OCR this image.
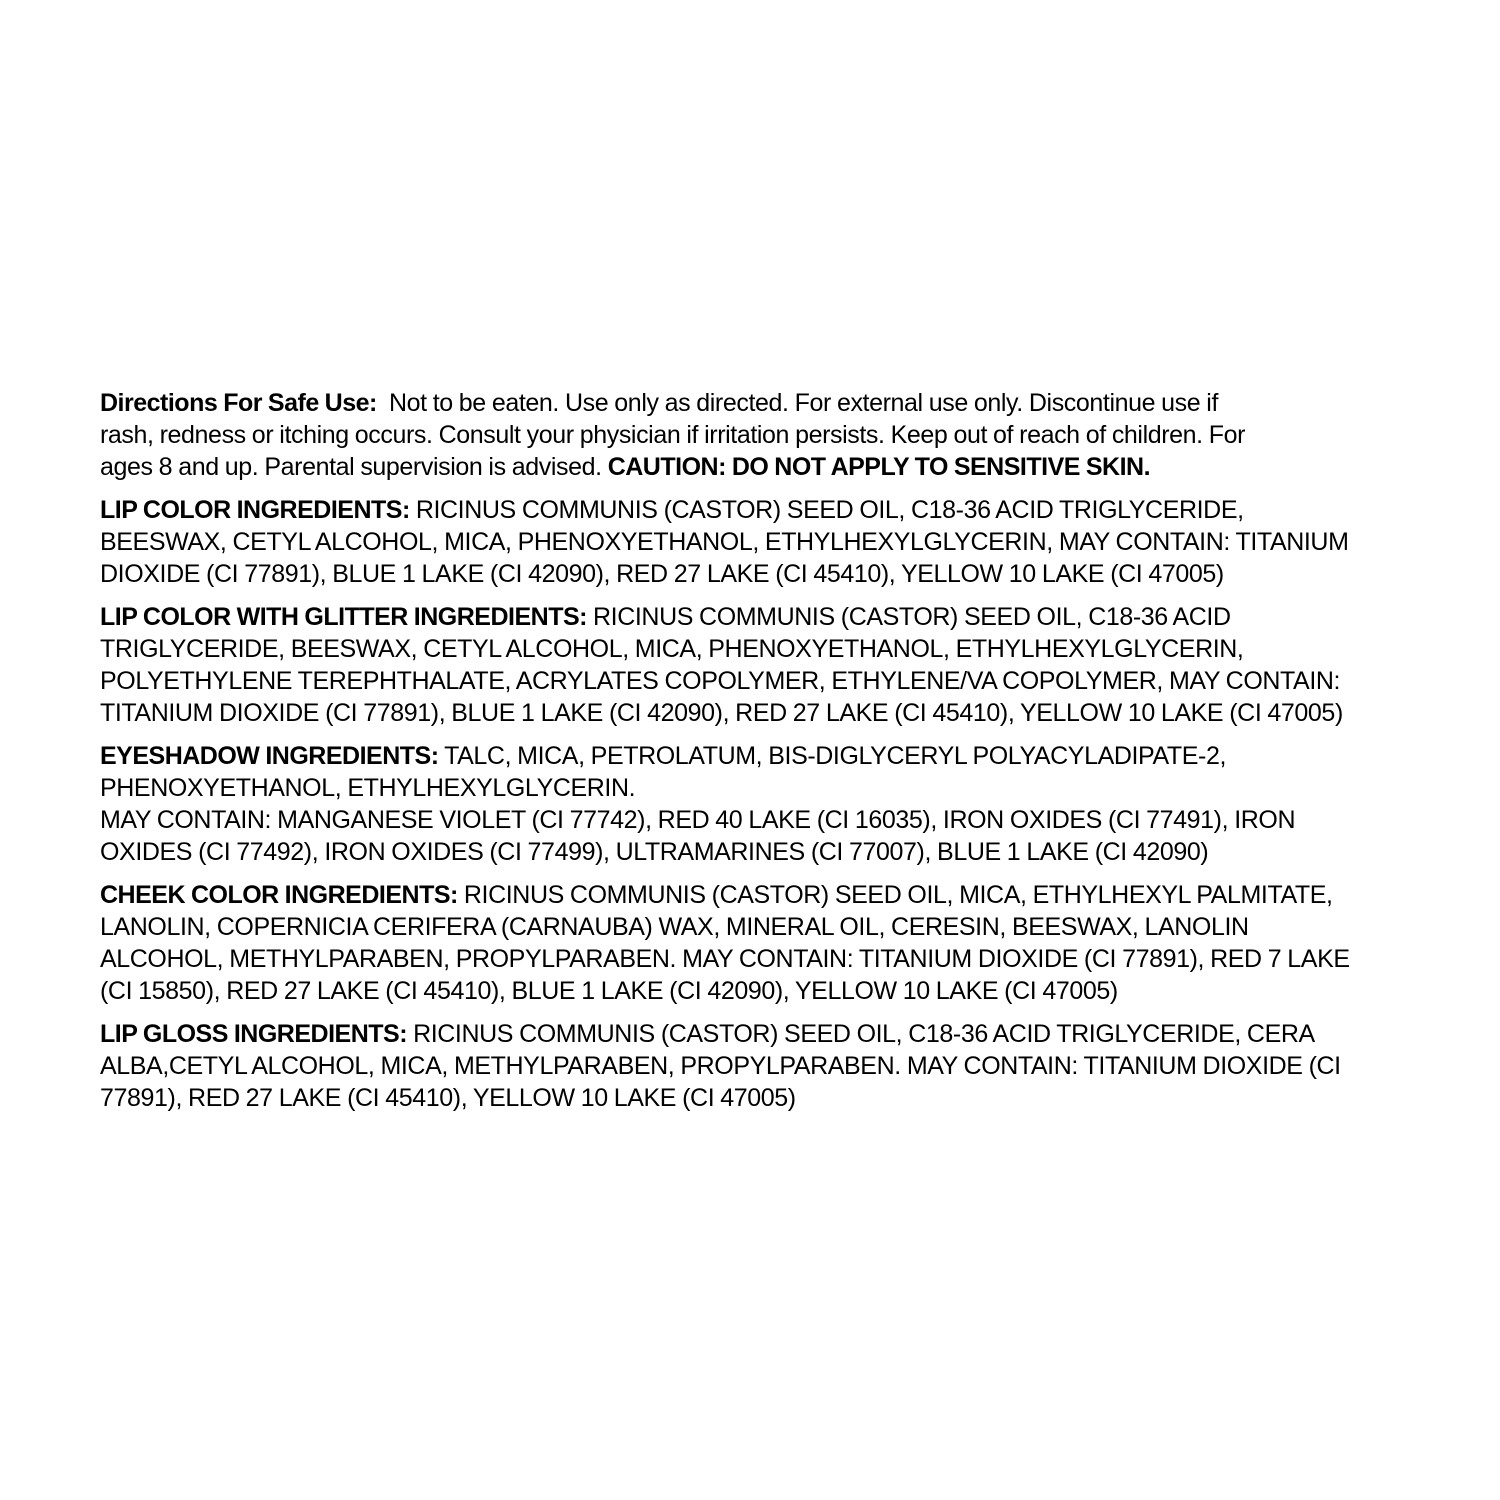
Directions For Safe Use: Not to be eaten. Use only as directed. For external use only. Discontinue use if
rash, redness or itching occurs. Consult your physician if irritation persists. Keep out of reach of children. For
ages 8 and up. Parental supervision is advised. CAUTION: DO NOT APPLY TO SENSITIVE SKIN.
LIP COLOR INGREDIENTS: RICINUS COMMUNIS (CASTOR) SEED OIL, C18-36 ACID TRIGLYCERIDE,
BEESWAX, CETYL ALCOHOL, MICA, PHENOXYETHANOL, ETHYLHEXYLGLYCERIN, MAY CONTAIN: TITANIUM
DIOXIDE (CI 77891), BLUE 1 LAKE (CI 42090), RED 27 LAKE (CI 45410), YELLOW 10 LAKE (CI 47005)
LIP COLOR WITH GLITTER INGREDIENTS: RICINUS COMMUNIS (CASTOR) SEED OIL, C18-36 ACID
TRIGLYCERIDE, BEESWAX, CETYL ALCOHOL, MICA, PHENOXYETHANOL, ETHYLHEXYLGLYCERIN,
POLYETHYLENE TEREPHTHALATE, ACRYLATES COPOLYMER, ETHYLENE/VA COPOLYMER, MAY CONTAIN:
TITANIUM DIOXIDE (CI 77891), BLUE 1 LAKE (CI 42090), RED 27 LAKE (CI 45410), YELLOW 10 LAKE (CI 47005)
EYESHADOW INGREDIENTS: TALC, MICA, PETROLATUM, BIS-DIGLYCERYL POLYACYLADIPATE-2,
PHENOXYETHANOL, ETHYLHEXYLGLYCERIN.
MAY CONTAIN: MANGANESE VIOLET (CI 77742), RED 40 LAKE (CI 16035), IRON OXIDES (CI 77491), IRON
OXIDES (CI 77492), IRON OXIDES (CI 77499), ULTRAMARINES (CI 77007), BLUE 1 LAKE (CI 42090)
CHEEK COLOR INGREDIENTS: RICINUS COMMUNIS (CASTOR) SEED OIL, MICA, ETHYLHEXYL PALMITATE,
LANOLIN, COPERNICIA CERIFERA (CARNAUBA) WAX, MINERAL OIL, CERESIN, BEESWAX, LANOLIN
ALCOHOL, METHYLPARABEN, PROPYLPARABEN. MAY CONTAIN: TITANIUM DIOXIDE (CI 77891), RED 7 LAKE
(CI 15850), RED 27 LAKE (CI 45410), BLUE 1 LAKE (CI 42090), YELLOW 10 LAKE (CI 47005)
LIP GLOSS INGREDIENTS: RICINUS COMMUNIS (CASTOR) SEED OIL, C18-36 ACID TRIGLYCERIDE, CERA
ALBA,CETYL ALCOHOL, MICA, METHYLPARABEN, PROPYLPARABEN. MAY CONTAIN: TITANIUM DIOXIDE (CI
77891), RED 27 LAKE (CI 45410), YELLOW 10 LAKE (CI 47005)
